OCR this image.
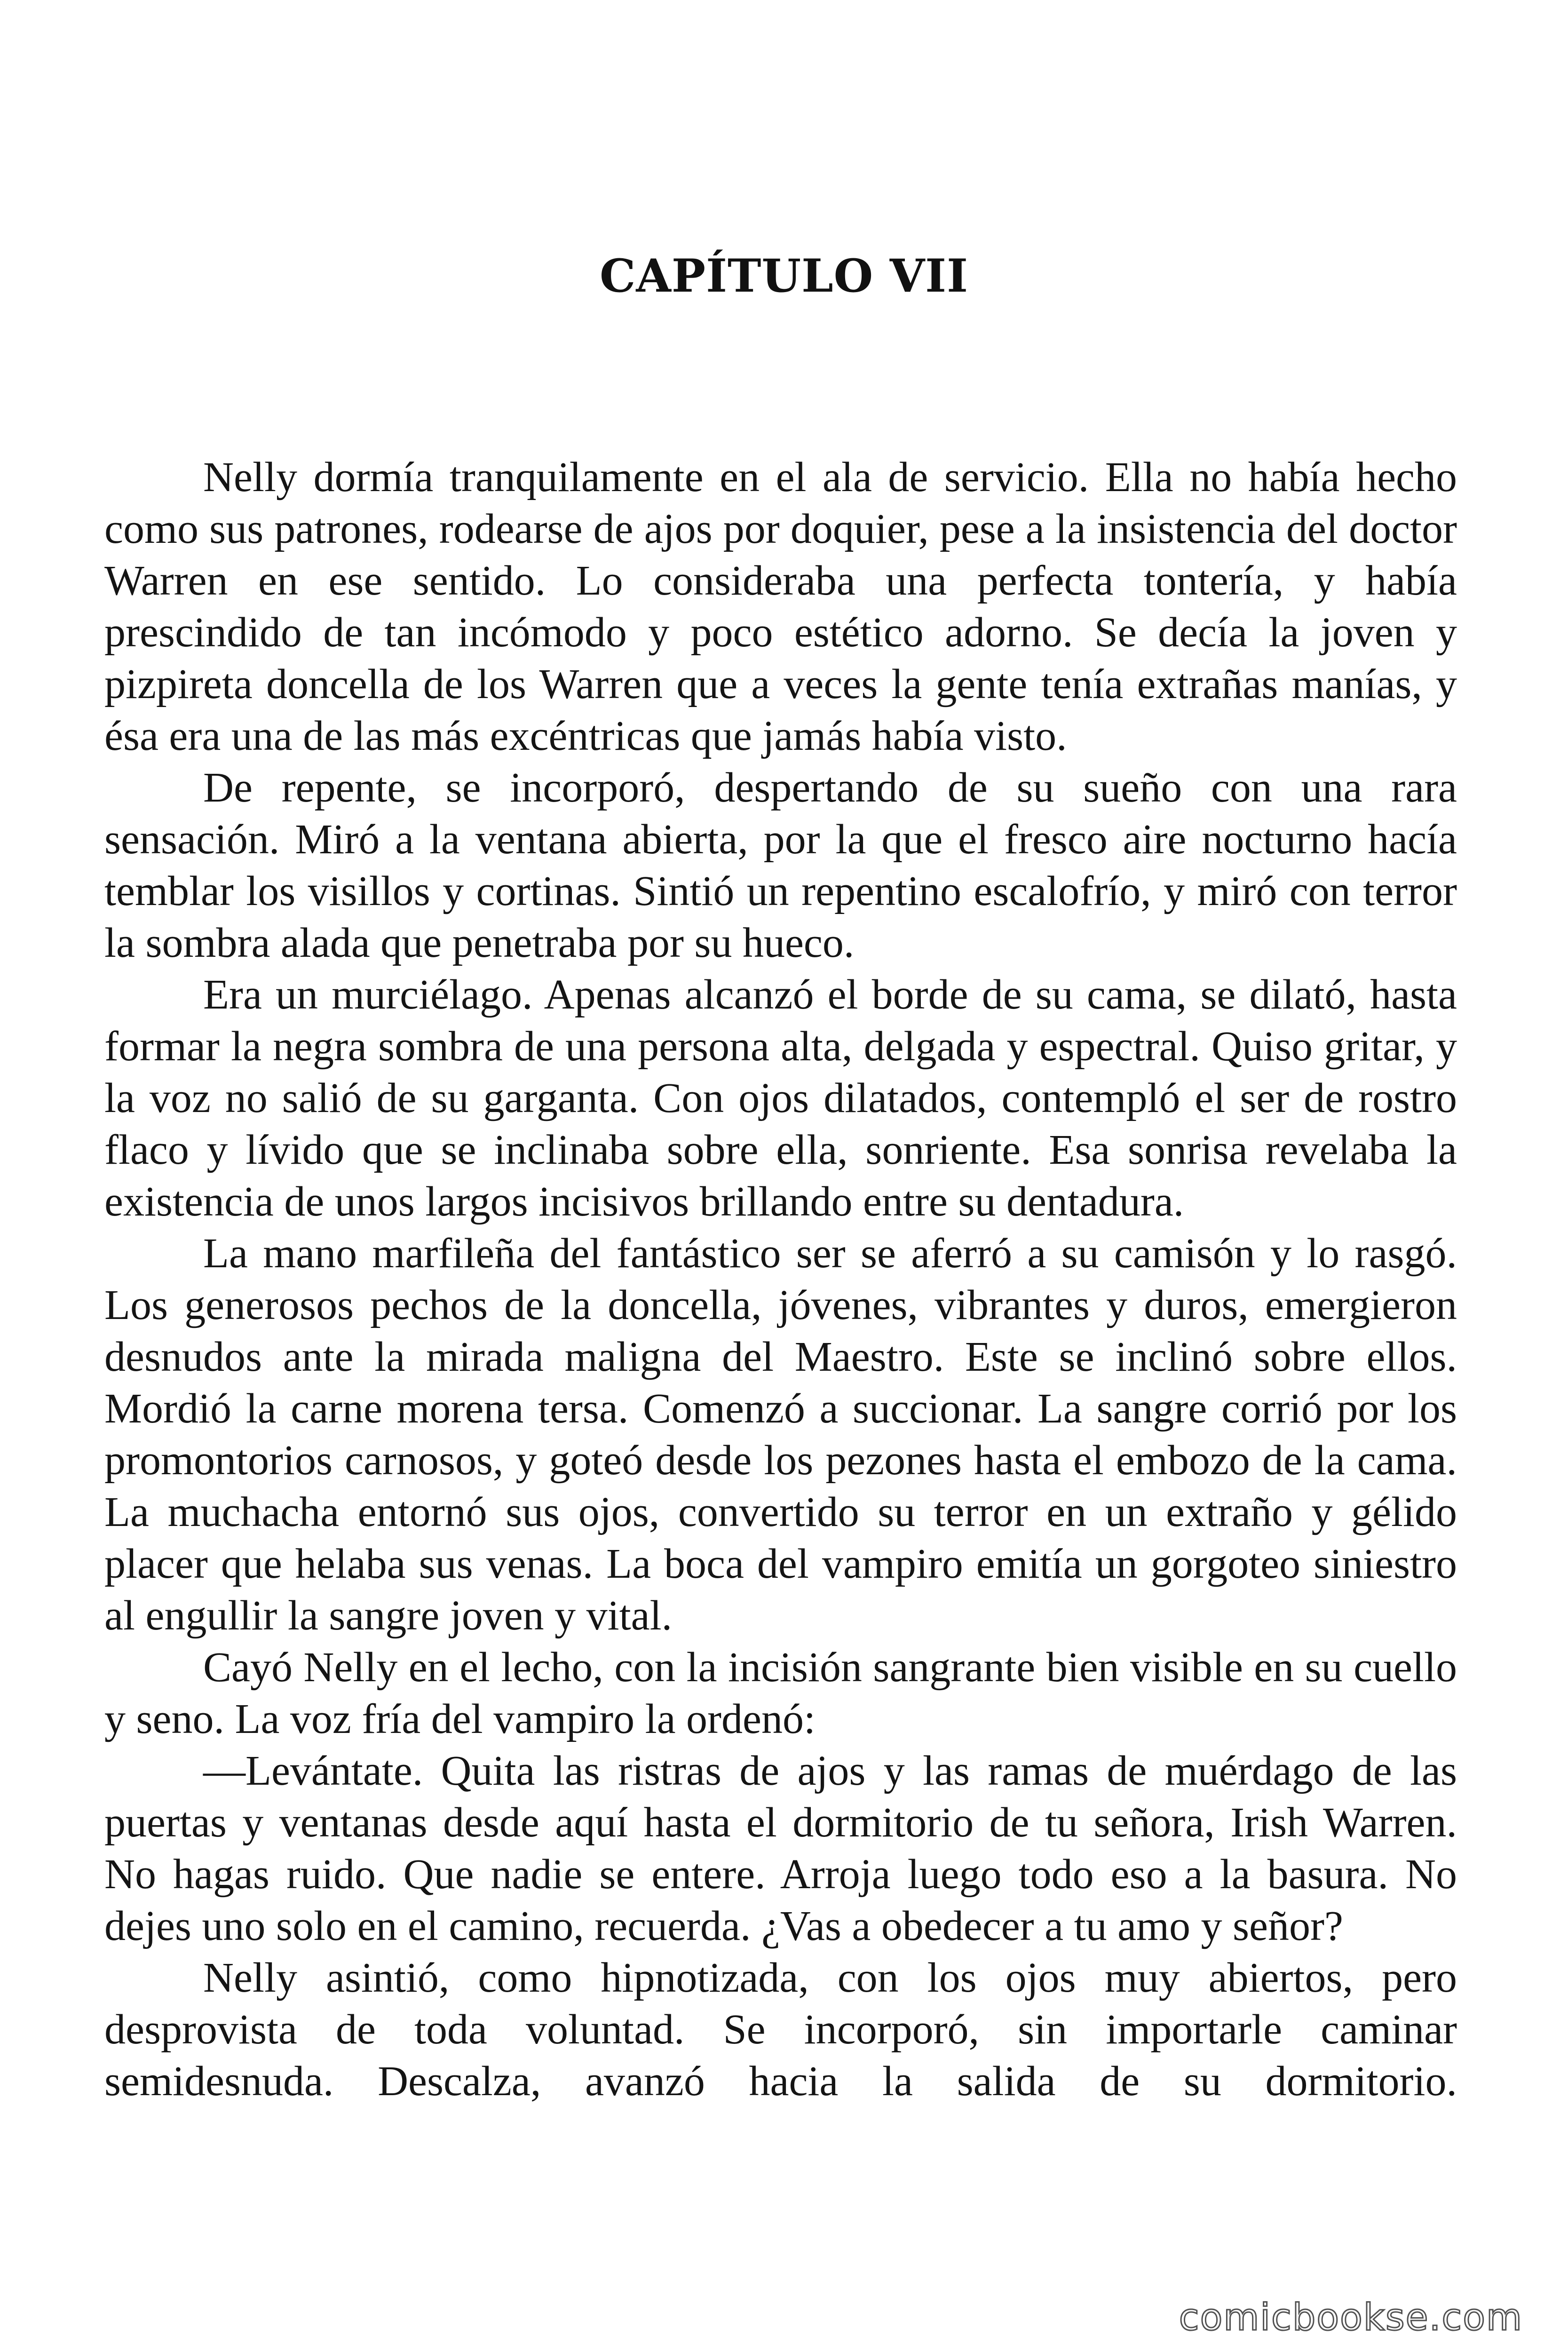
CAPÍTULO VII

Nelly dormía tranquilamente en el ala de servicio. Ella no había hecho como sus patrones, rodearse de ajos por doquier, pese a la insistencia del doctor Warren en ese sentido. Lo consideraba una perfecta tontería, y había prescindido de tan incómodo y poco estético adorno. Se decía la joven y pizpireta doncella de los Warren que a veces la gente tenía extrañas manías, y ésa era una de las más excéntricas que jamás había visto.

De repente, se incorporó, despertando de su sueño con una rara sensación. Miró a la ventana abierta, por la que el fresco aire nocturno hacía temblar los visillos y cortinas. Sintió un repentino escalofrío, y miró con terror la sombra alada que penetraba por su hueco.

Era un murciélago. Apenas alcanzó el borde de su cama, se dilató, hasta formar la negra sombra de una persona alta, delgada y espectral. Quiso gritar, y la voz no salió de su garganta. Con ojos dilatados, contempló el ser de rostro flaco y lívido que se inclinaba sobre ella, sonriente. Esa sonrisa revelaba la existencia de unos largos incisivos brillando entre su dentadura.

La mano marfileña del fantástico ser se aferró a su camisón y lo rasgó. Los generosos pechos de la doncella, jóvenes, vibrantes y duros, emergieron desnudos ante la mirada maligna del Maestro. Este se inclinó sobre ellos. Mordió la carne morena tersa. Comenzó a succionar. La sangre corrió por los promontorios carnosos, y goteó desde los pezones hasta el embozo de la cama. La muchacha entornó sus ojos, convertido su terror en un extraño y gélido placer que helaba sus venas. La boca del vampiro emitía un gorgoteo siniestro al engullir la sangre joven y vital.

Cayó Nelly en el lecho, con la incisión sangrante bien visible en su cuello y seno. La voz fría del vampiro la ordenó:

—Levántate. Quita las ristras de ajos y las ramas de muérdago de las puertas y ventanas desde aquí hasta el dormitorio de tu señora, Irish Warren. No hagas ruido. Que nadie se entere. Arroja luego todo eso a la basura. No dejes uno solo en el camino, recuerda. ¿Vas a obedecer a tu amo y señor?

Nelly asintió, como hipnotizada, con los ojos muy abiertos, pero desprovista de toda voluntad. Se incorporó, sin importarle caminar semidesnuda. Descalza, avanzó hacia la salida de su dormitorio.

comicbookse.com
